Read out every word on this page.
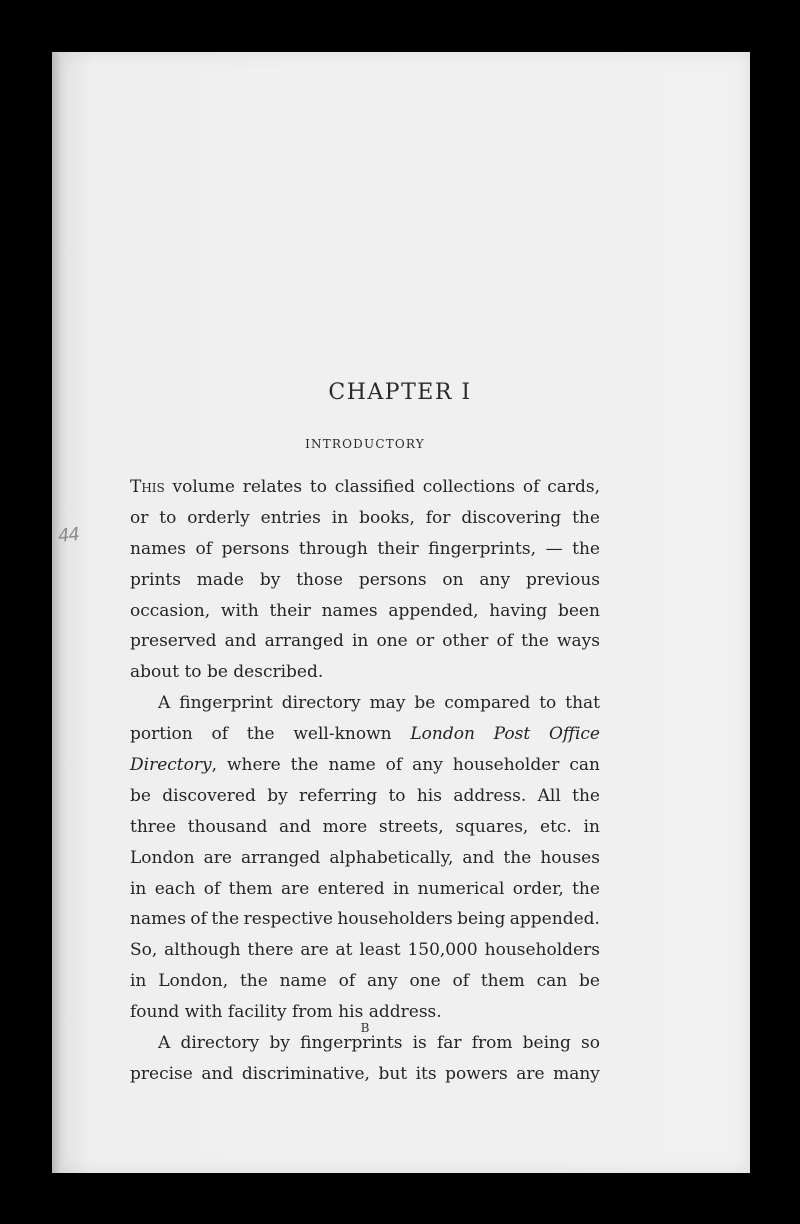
44
CHAPTER I
INTRODUCTORY
This volume relates to classified collections of cards,
or to orderly entries in books, for discovering the
names of persons through their fingerprints, — the
prints made by those persons on any previous
occasion, with their names appended, having been
preserved and arranged in one or other of the ways
about
to
be
described.
A fingerprint directory may be compared to that
portion of the well-known London Post Office
Directory, where the name of any householder can
be discovered by referring to his address. All the
three thousand and more streets, squares, etc. in
London are arranged alphabetically, and the houses
in each of them are entered in numerical order, the
names of the respective householders being appended.
So, although there are at least 150,000 householders
in London, the name of any one of them can be
found
with
facility
from
his
address.
A directory by fingerprints is far from being so
precise and discriminative, but its powers are many
B
